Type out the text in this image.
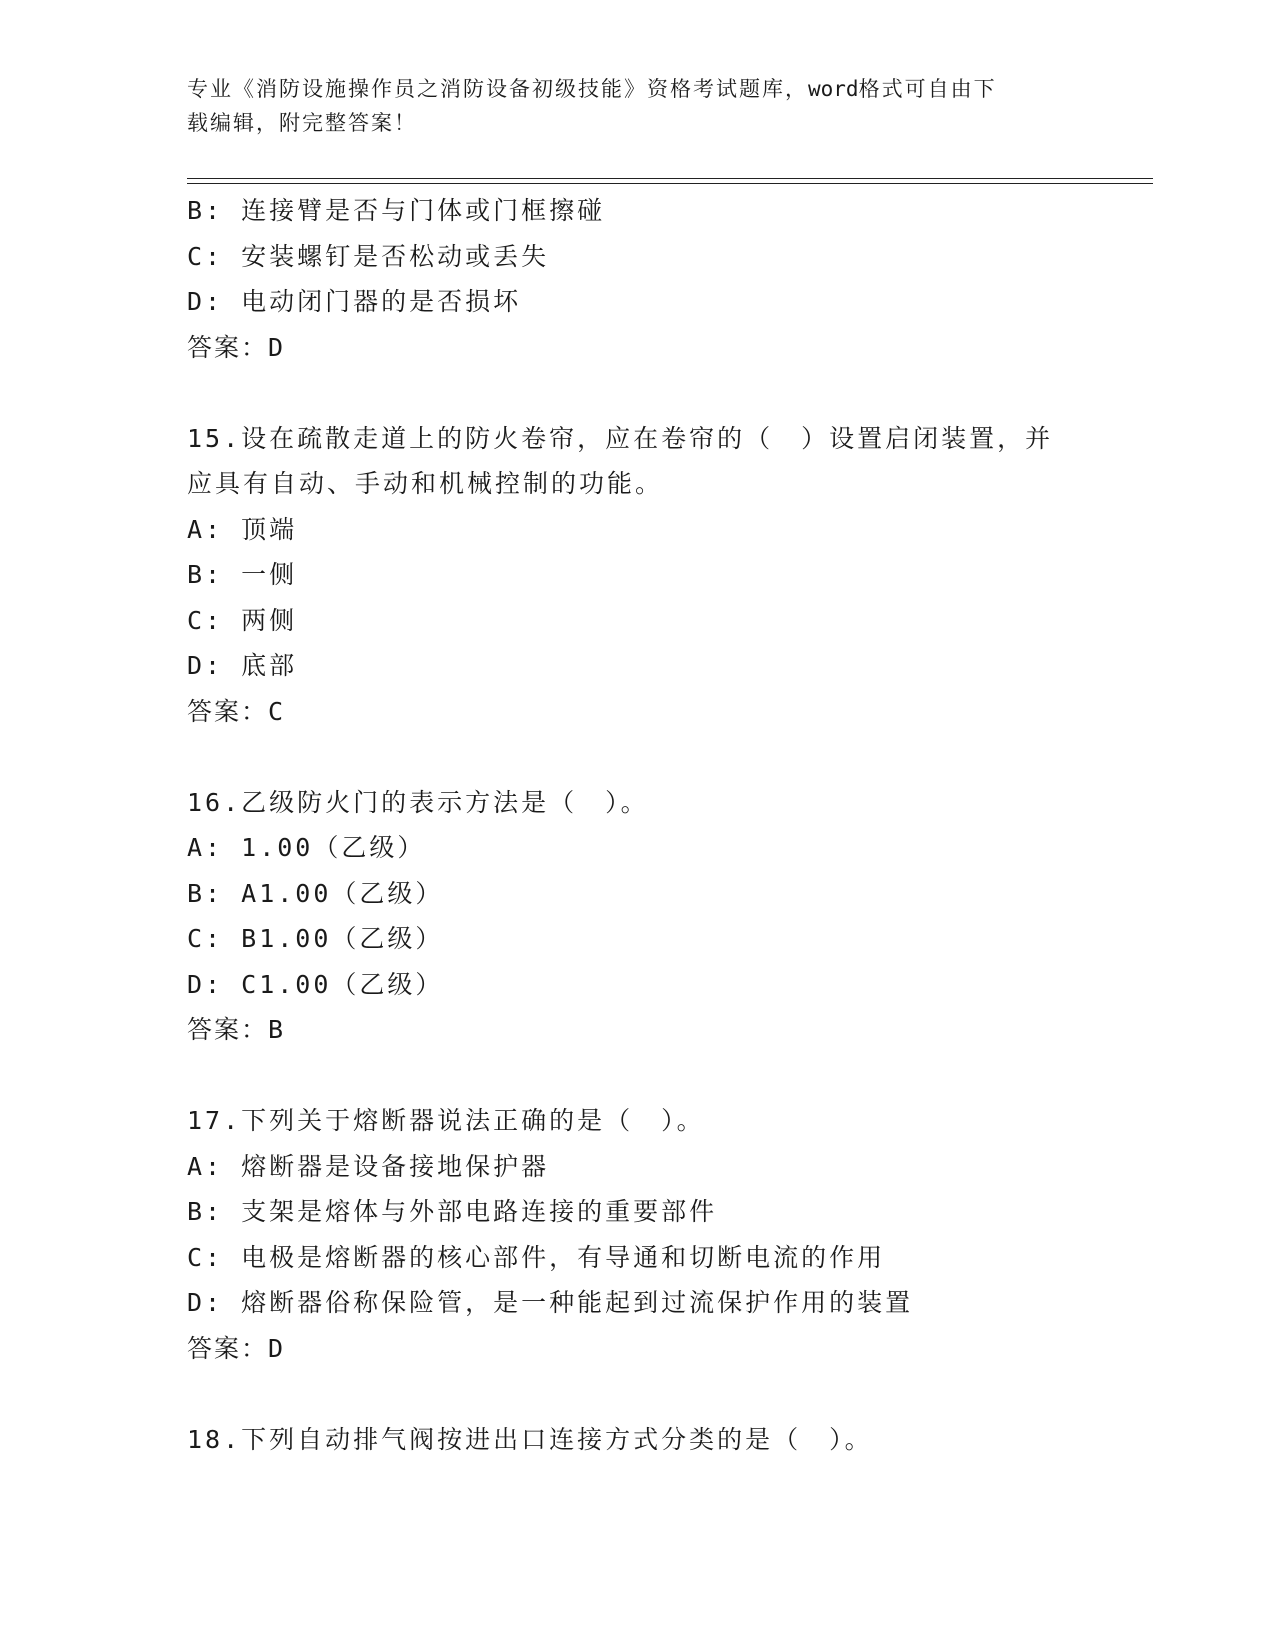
专业《消防设施操作员之消防设备初级技能》资格考试题库，word格式可自由下
载编辑，附完整答案！
B: 连接臂是否与门体或门框擦碰
C: 安装螺钉是否松动或丢失
D: 电动闭门器的是否损坏
答案：D
15.设在疏散走道上的防火卷帘，应在卷帘的（　）设置启闭装置，并
应具有自动、手动和机械控制的功能。
A: 顶端
B: 一侧
C: 两侧
D: 底部
答案：C
16.乙级防火门的表示方法是（　）。
A: 1.00（乙级）
B: A1.00（乙级）
C: B1.00（乙级）
D: C1.00（乙级）
答案：B
17.下列关于熔断器说法正确的是（　）。
A: 熔断器是设备接地保护器
B: 支架是熔体与外部电路连接的重要部件
C: 电极是熔断器的核心部件，有导通和切断电流的作用
D: 熔断器俗称保险管，是一种能起到过流保护作用的装置
答案：D
18.下列自动排气阀按进出口连接方式分类的是（　）。
